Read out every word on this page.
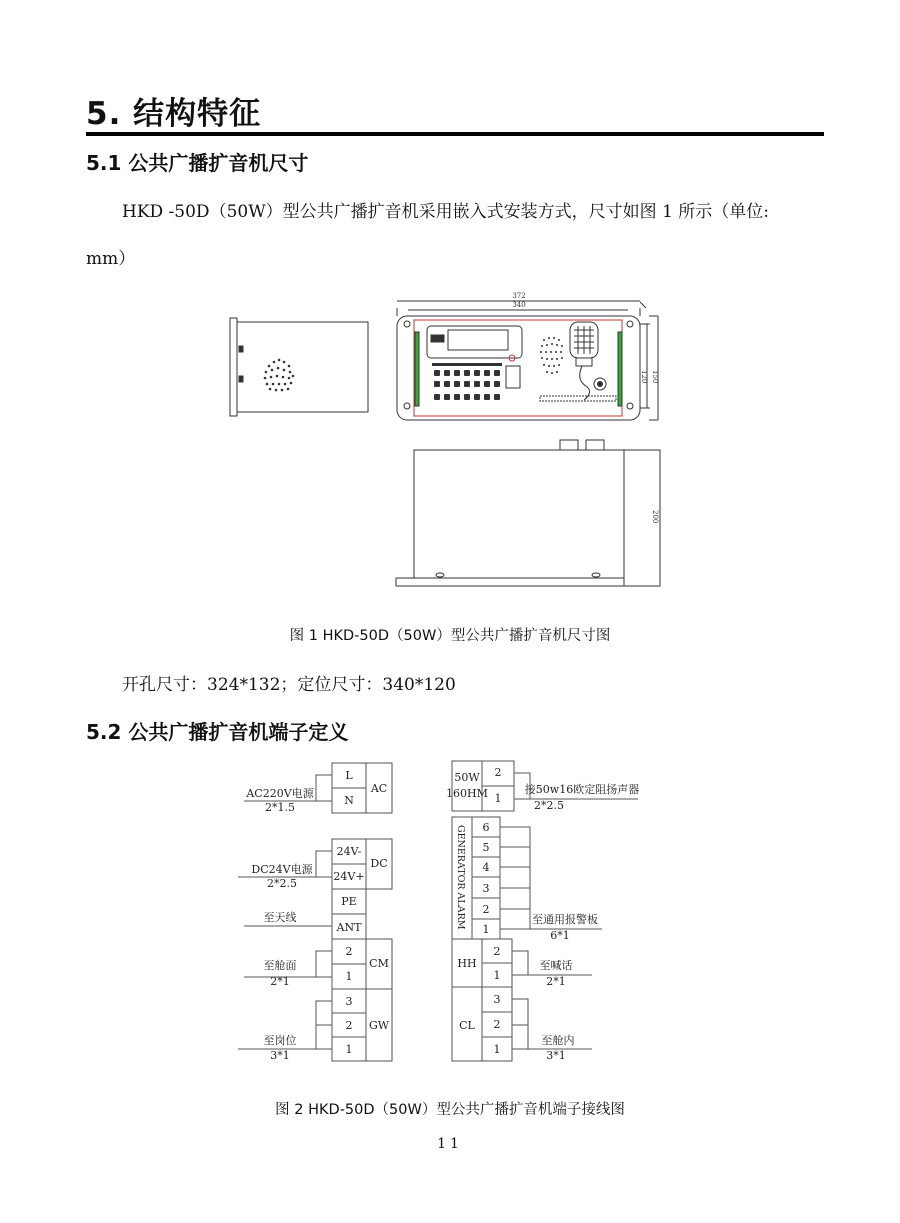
5. 结构特征
5.1 公共广播扩音机尺寸
HKD -50D（50W）型公共广播扩音机采用嵌入式安装方式，尺寸如图 1 所示（单位:
mm）
372
340
120 150
200
图 1 HKD-50D（50W）型公共广播扩音机尺寸图
开孔尺寸：324*132；定位尺寸：340*120
5.2 公共广播扩音机端子定义
L
N
AC
24V-
24V+
DC
PE
ANT
2
1
CM
3
2
1
GW
AC220V电源
2*1.5
DC24V电源
2*2.5
至天线
至舱面
2*1
至岗位
3*1
50W
160HM
2
1
GENERATOR ALARM 6
5
4
3
2
1
HH
2
1
CL
3
2
1
接50w16欧定阻扬声器
2*2.5
至通用报警板
6*1
至喊话
2*1
至舱内
3*1
图 2 HKD-50D（50W）型公共广播扩音机端子接线图
11
